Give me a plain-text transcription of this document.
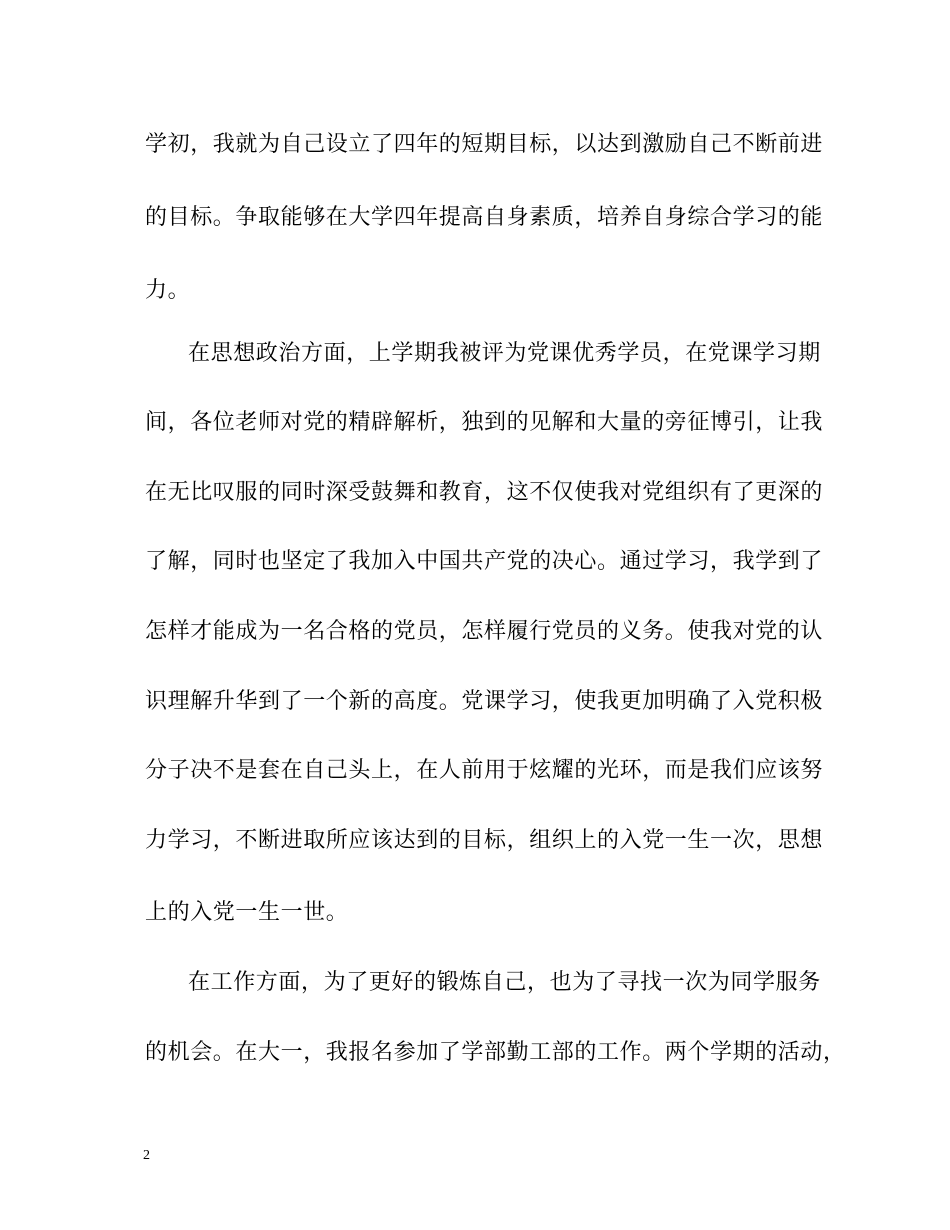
学初，我就为自己设立了四年的短期目标，以达到激励自己不断前进
的目标。争取能够在大学四年提高自身素质，培养自身综合学习的能
力。
在思想政治方面，上学期我被评为党课优秀学员，在党课学习期
间，各位老师对党的精辟解析，独到的见解和大量的旁征博引，让我
在无比叹服的同时深受鼓舞和教育，这不仅使我对党组织有了更深的
了解，同时也坚定了我加入中国共产党的决心。通过学习，我学到了
怎样才能成为一名合格的党员，怎样履行党员的义务。使我对党的认
识理解升华到了一个新的高度。党课学习，使我更加明确了入党积极
分子决不是套在自己头上，在人前用于炫耀的光环，而是我们应该努
力学习，不断进取所应该达到的目标，组织上的入党一生一次，思想
上的入党一生一世。
在工作方面，为了更好的锻炼自己，也为了寻找一次为同学服务
的机会。在大一，我报名参加了学部勤工部的工作。两个学期的活动，
2
